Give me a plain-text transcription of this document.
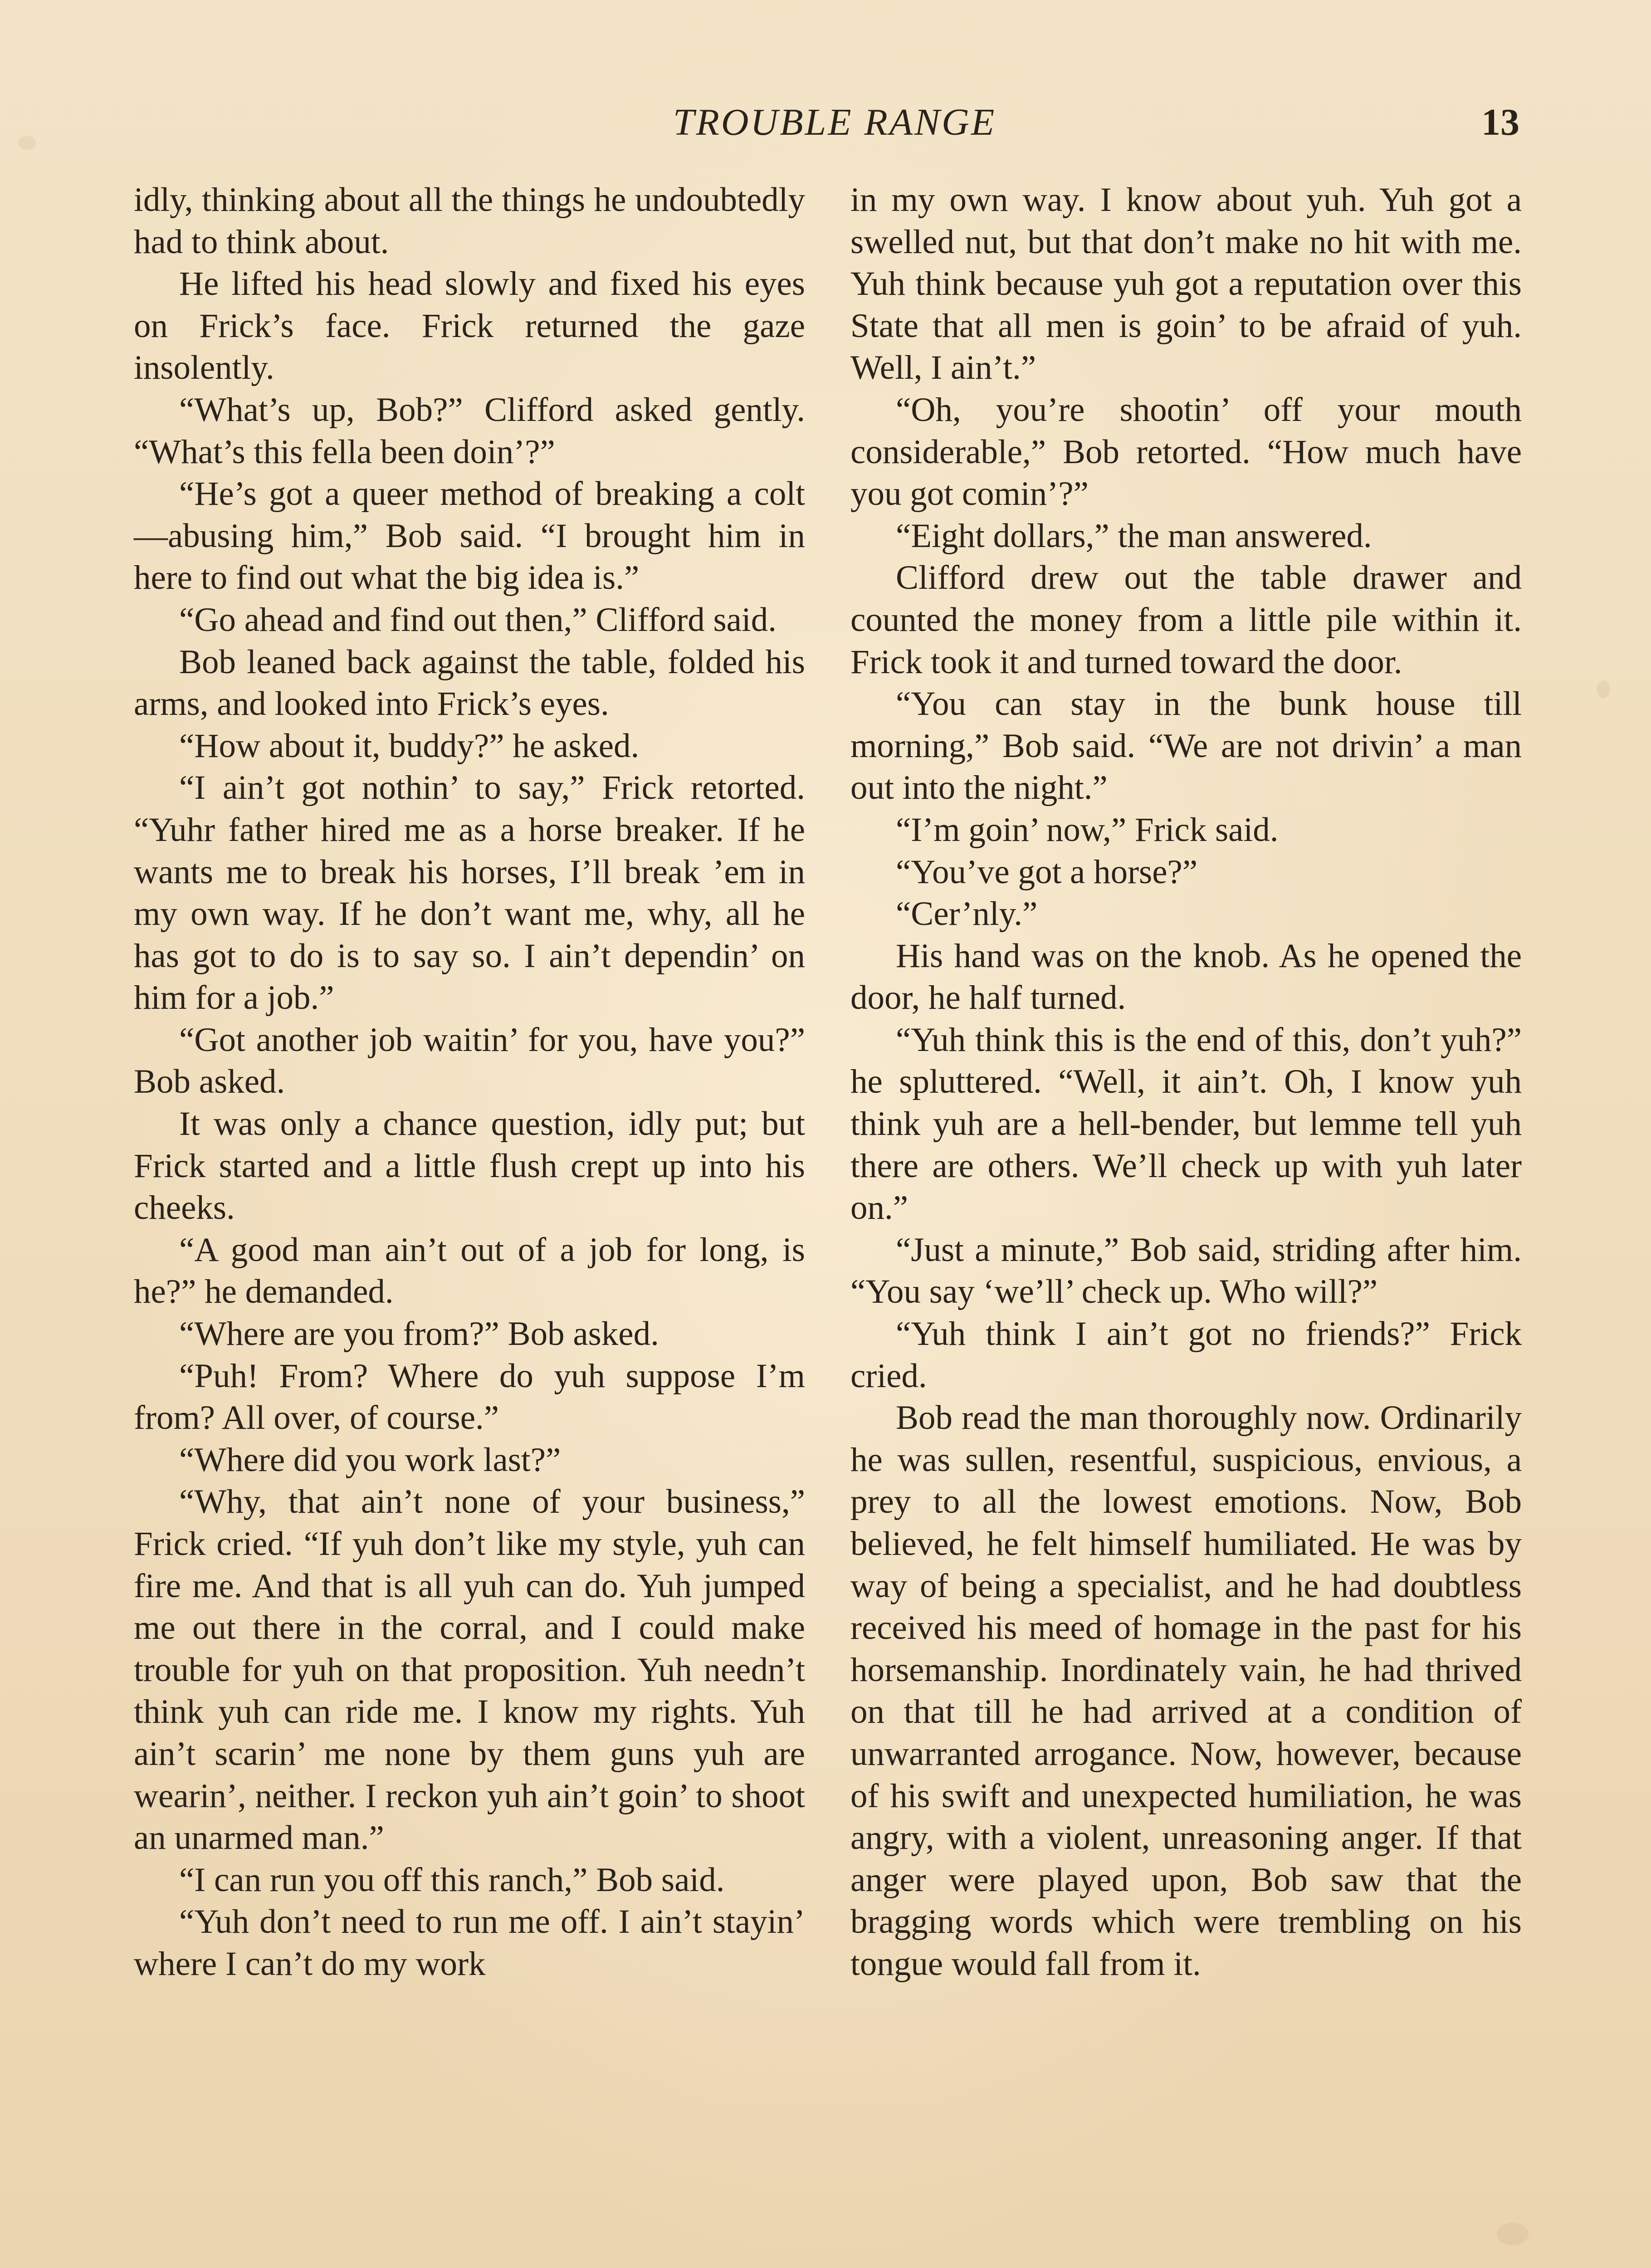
TROUBLE RANGE	13

idly, thinking about all the things he undoubtedly had to think about.

He lifted his head slowly and fixed his eyes on Frick’s face. Frick returned the gaze insolently.

“What’s up, Bob?” Clifford asked gently. “What’s this fella been doin’?”

“He’s got a queer method of breaking a colt—abusing him,” Bob said. “I brought him in here to find out what the big idea is.”

“Go ahead and find out then,” Clifford said.

Bob leaned back against the table, folded his arms, and looked into Frick’s eyes.

“How about it, buddy?” he asked.

“I ain’t got nothin’ to say,” Frick retorted. “Yuhr father hired me as a horse breaker. If he wants me to break his horses, I’ll break ’em in my own way. If he don’t want me, why, all he has got to do is to say so. I ain’t dependin’ on him for a job.”

“Got another job waitin’ for you, have you?” Bob asked.

It was only a chance question, idly put; but Frick started and a little flush crept up into his cheeks.

“A good man ain’t out of a job for long, is he?” he demanded.

“Where are you from?” Bob asked.

“Puh! From? Where do yuh suppose I’m from? All over, of course.”

“Where did you work last?”

“Why, that ain’t none of your business,” Frick cried. “If yuh don’t like my style, yuh can fire me. And that is all yuh can do. Yuh jumped me out there in the corral, and I could make trouble for yuh on that proposition. Yuh needn’t think yuh can ride me. I know my rights. Yuh ain’t scarin’ me none by them guns yuh are wearin’, neither. I reckon yuh ain’t goin’ to shoot an unarmed man.”

“I can run you off this ranch,” Bob said.

“Yuh don’t need to run me off. I ain’t stayin’ where I can’t do my work

in my own way. I know about yuh. Yuh got a swelled nut, but that don’t make no hit with me. Yuh think because yuh got a reputation over this State that all men is goin’ to be afraid of yuh. Well, I ain’t.”

“Oh, you’re shootin’ off your mouth considerable,” Bob retorted. “How much have you got comin’?”

“Eight dollars,” the man answered.

Clifford drew out the table drawer and counted the money from a little pile within it. Frick took it and turned toward the door.

“You can stay in the bunk house till morning,” Bob said. “We are not drivin’ a man out into the night.”

“I’m goin’ now,” Frick said.

“You’ve got a horse?”

“Cer’nly.”

His hand was on the knob. As he opened the door, he half turned.

“Yuh think this is the end of this, don’t yuh?” he spluttered. “Well, it ain’t. Oh, I know yuh think yuh are a hell-bender, but lemme tell yuh there are others. We’ll check up with yuh later on.”

“Just a minute,” Bob said, striding after him. “You say ‘we’ll’ check up. Who will?”

“Yuh think I ain’t got no friends?” Frick cried.

Bob read the man thoroughly now. Ordinarily he was sullen, resentful, suspicious, envious, a prey to all the lowest emotions. Now, Bob believed, he felt himself humiliated. He was by way of being a specialist, and he had doubtless received his meed of homage in the past for his horsemanship. Inordinately vain, he had thrived on that till he had arrived at a condition of unwarranted arrogance. Now, however, because of his swift and unexpected humiliation, he was angry, with a violent, unreasoning anger. If that anger were played upon, Bob saw that the bragging words which were trembling on his tongue would fall from it.
